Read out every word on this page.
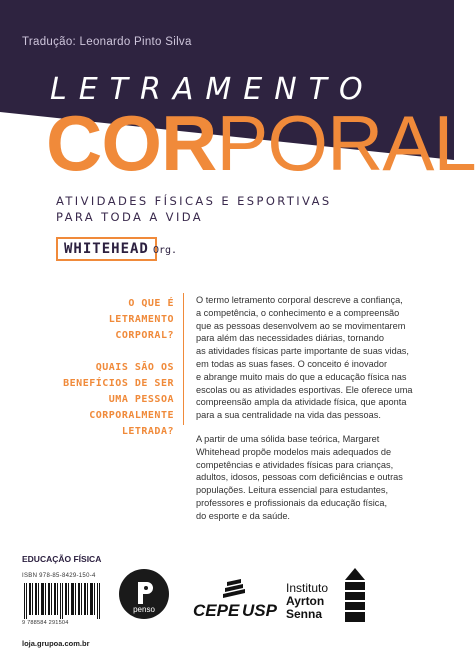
Tradução: Leonardo Pinto Silva
LETRAMENTO
CORPORAL
ATIVIDADES FÍSICAS E ESPORTIVAS
PARA TODA A VIDA
WHITEHEAD Org.
O QUE É
LETRAMENTO
CORPORAL?
QUAIS SÃO OS
BENEFÍCIOS DE SER
UMA PESSOA
CORPORALMENTE
LETRADA?

O termo letramento corporal descreve a confiança,
a competência, o conhecimento e a compreensão
que as pessoas desenvolvem ao se movimentarem
para além das necessidades diárias, tornando
as atividades físicas parte importante de suas vidas,
em todas as suas fases. O conceito é inovador
e abrange muito mais do que a educação física nas
escolas ou as atividades esportivas. Ele oferece uma
compreensão ampla da atividade física, que aponta
para a sua centralidade na vida das pessoas.

A partir de uma sólida base teórica, Margaret
Whitehead propõe modelos mais adequados de
competências e atividades físicas para crianças,
adultos, idosos, pessoas com deficiências e outras
populações. Leitura essencial para estudantes,
professores e profissionais da educação física,
do esporte e da saúde.

EDUCAÇÃO FÍSICA
ISBN 978-85-8429-150-4
9 788584 291504
loja.grupoa.com.br
penso CEPE USP
Instituto
Ayrton
Senna
